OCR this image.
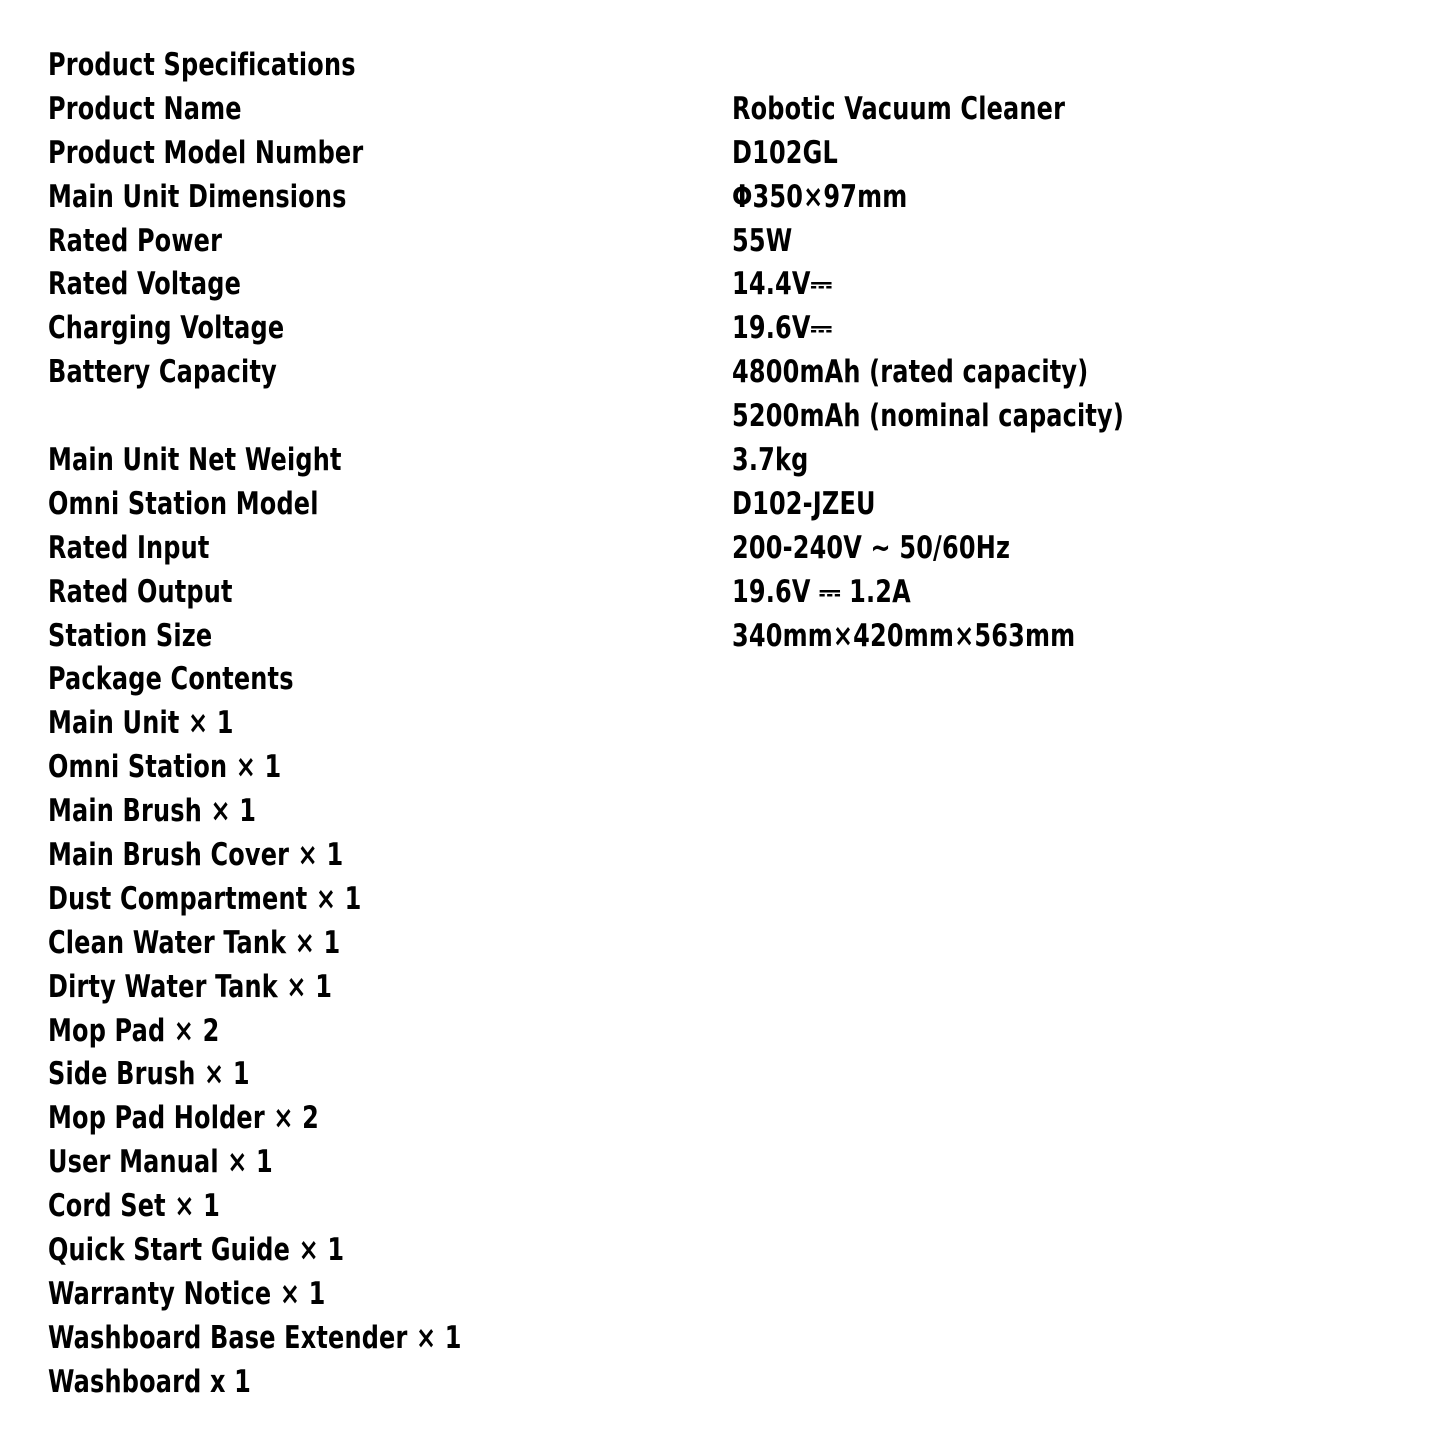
Product Specifications
Product Name	Robotic Vacuum Cleaner
Product Model Number	D102GL
Main Unit Dimensions	Φ350×97mm
Rated Power	55W
Rated Voltage	14.4V⎓
Charging Voltage	19.6V⎓
Battery Capacity	4800mAh (rated capacity)
5200mAh (nominal capacity)
Main Unit Net Weight	3.7kg
Omni Station Model	D102-JZEU
Rated Input	200-240V ~ 50/60Hz
Rated Output	19.6V ⎓ 1.2A
Station Size	340mm×420mm×563mm
Package Contents
Main Unit × 1
Omni Station × 1
Main Brush × 1
Main Brush Cover × 1
Dust Compartment × 1
Clean Water Tank × 1
Dirty Water Tank × 1
Mop Pad × 2
Side Brush × 1
Mop Pad Holder × 2
User Manual × 1
Cord Set × 1
Quick Start Guide × 1
Warranty Notice × 1
Washboard Base Extender × 1
Washboard x 1
